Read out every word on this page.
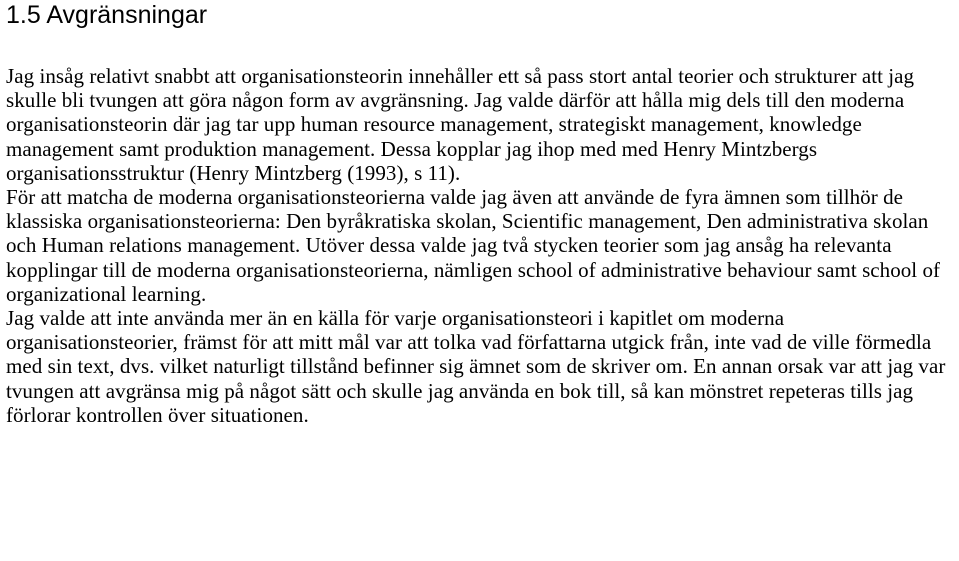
1.5 Avgränsningar

Jag insåg relativt snabbt att organisationsteorin innehåller ett så pass stort antal teorier och strukturer att jag skulle bli tvungen att göra någon form av avgränsning. Jag valde därför att hålla mig dels till den moderna organisationsteorin där jag tar upp human resource management, strategiskt management, knowledge management samt produktion management. Dessa kopplar jag ihop med med Henry Mintzbergs organisationsstruktur (Henry Mintzberg (1993), s 11).

För att matcha de moderna organisationsteorierna valde jag även att använde de fyra ämnen som tillhör de klassiska organisationsteorierna: Den byråkratiska skolan, Scientific management, Den administrativa skolan och Human relations management. Utöver dessa valde jag två stycken teorier som jag ansåg ha relevanta kopplingar till de moderna organisationsteorierna, nämligen school of administrative behaviour samt school of organizational learning.

Jag valde att inte använda mer än en källa för varje organisationsteori i kapitlet om moderna organisationsteorier, främst för att mitt mål var att tolka vad författarna utgick från, inte vad de ville förmedla med sin text, dvs. vilket naturligt tillstånd befinner sig ämnet som de skriver om. En annan orsak var att jag var tvungen att avgränsa mig på något sätt och skulle jag använda en bok till, så kan mönstret repeteras tills jag förlorar kontrollen över situationen.
